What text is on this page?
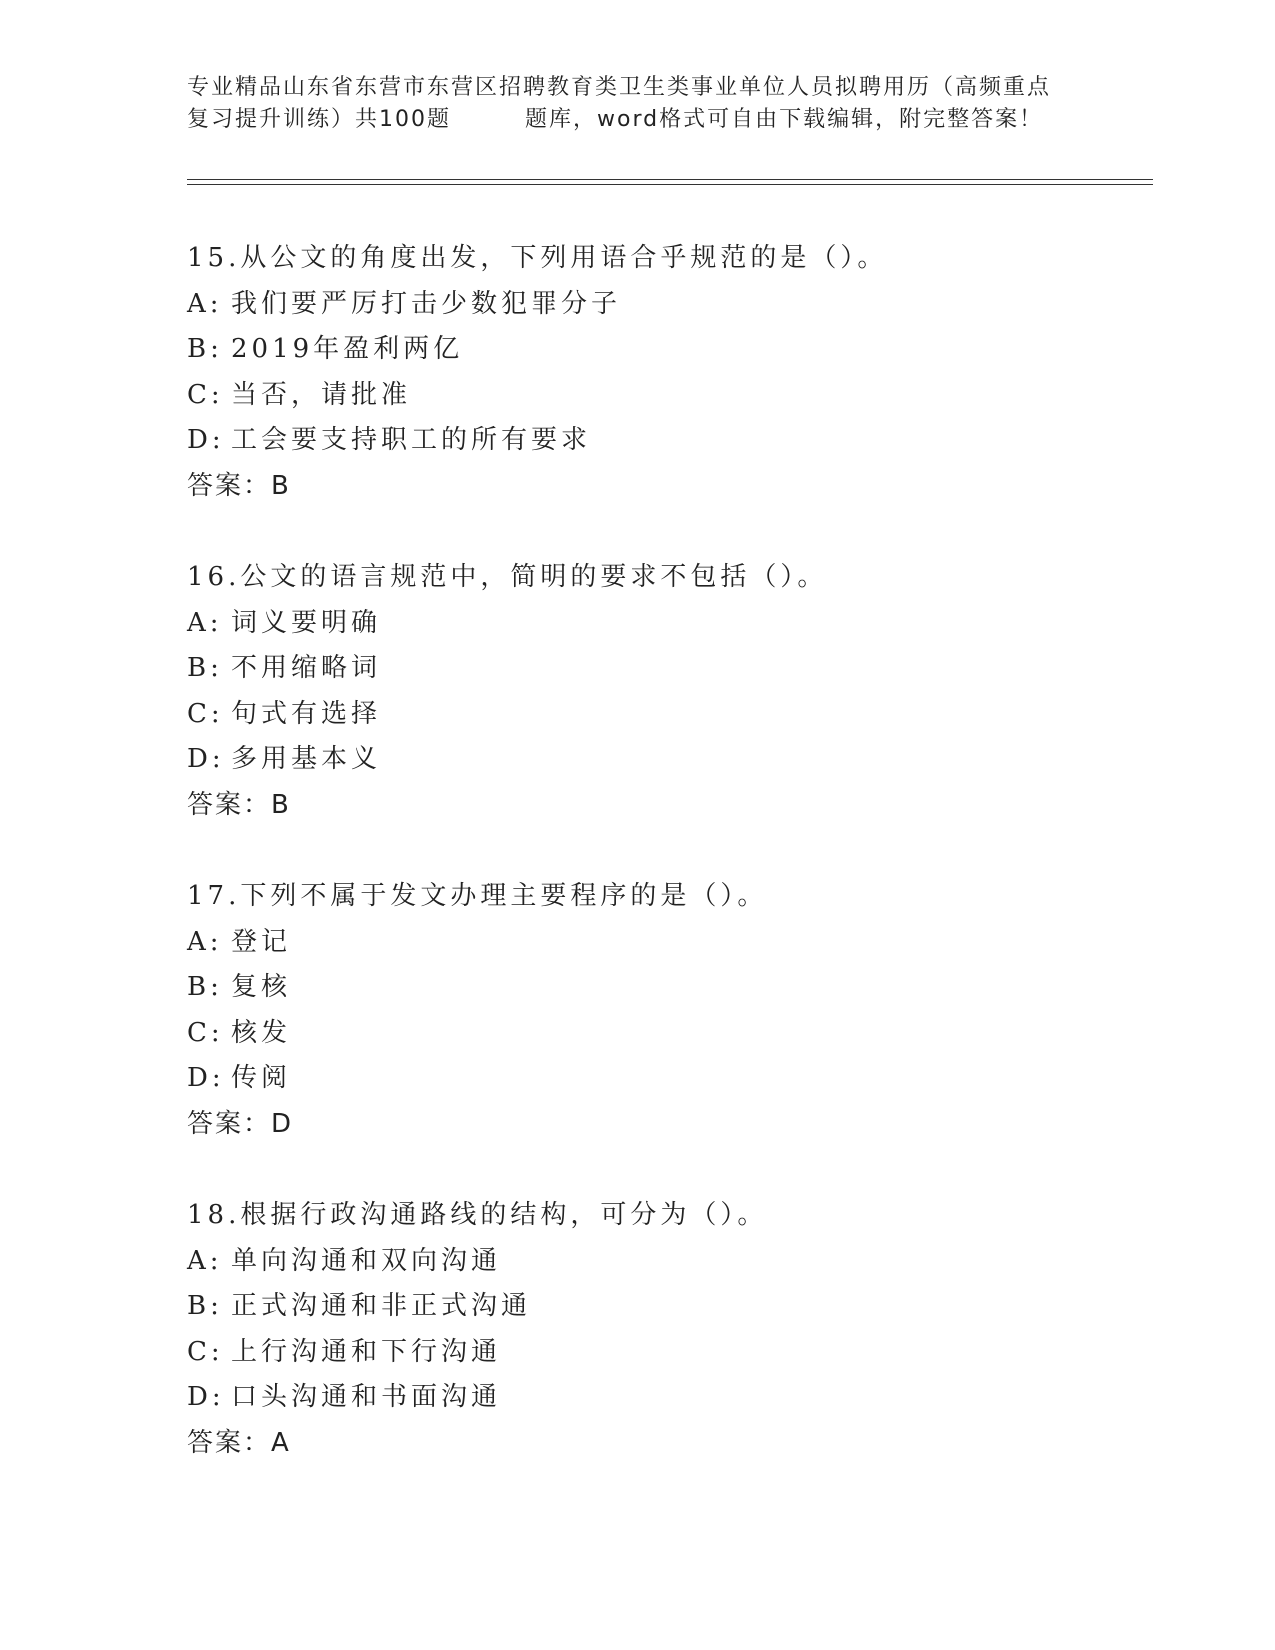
专业精品山东省东营市东营区招聘教育类卫生类事业单位人员拟聘用历（高频重点
复习提升训练）共100题	题库，word格式可自由下载编辑，附完整答案！
15.从公文的角度出发，下列用语合乎规范的是（）。
A: 我们要严厉打击少数犯罪分子
B: 2019年盈利两亿
C: 当否，请批准
D: 工会要支持职工的所有要求
答案：B
16.公文的语言规范中，简明的要求不包括（）。
A: 词义要明确
B: 不用缩略词
C: 句式有选择
D: 多用基本义
答案：B
17.下列不属于发文办理主要程序的是（）。
A: 登记
B: 复核
C: 核发
D: 传阅
答案：D
18.根据行政沟通路线的结构，可分为（）。
A: 单向沟通和双向沟通
B: 正式沟通和非正式沟通
C: 上行沟通和下行沟通
D: 口头沟通和书面沟通
答案：A
